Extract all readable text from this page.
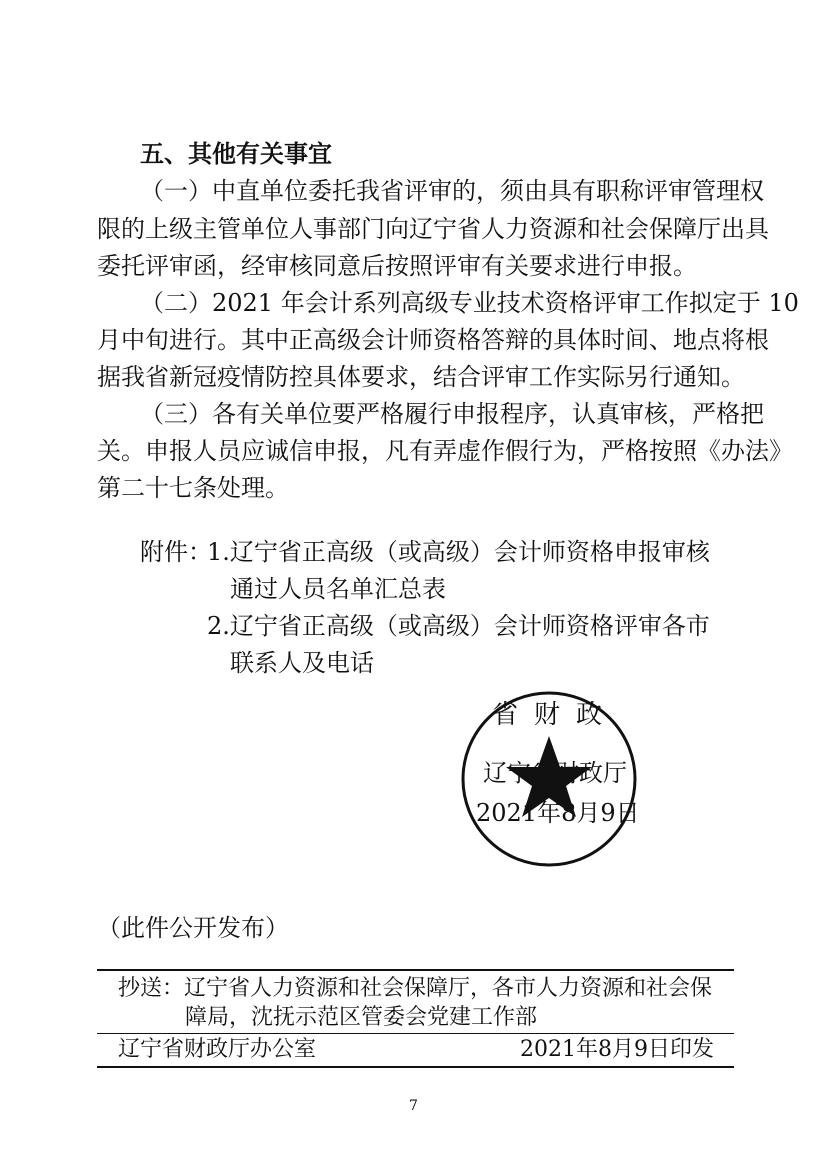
五、其他有关事宜
（一）中直单位委托我省评审的，须由具有职称评审管理权
限的上级主管单位人事部门向辽宁省人力资源和社会保障厅出具
委托评审函，经审核同意后按照评审有关要求进行申报。
（二）2021 年会计系列高级专业技术资格评审工作拟定于 10
月中旬进行。其中正高级会计师资格答辩的具体时间、地点将根
据我省新冠疫情防控具体要求，结合评审工作实际另行通知。
（三）各有关单位要严格履行申报程序，认真审核，严格把
关。申报人员应诚信申报，凡有弄虚作假行为，严格按照《办法》
第二十七条处理。
附件：
1.辽宁省正高级（或高级）会计师资格申报审核
通过人员名单汇总表
2.辽宁省正高级（或高级）会计师资格评审各市
联系人及电话
省财政
辽宁省财政厅
2021年8月9日
（此件公开发布）
抄送：辽宁省人力资源和社会保障厅，各市人力资源和社会保
障局，沈抚示范区管委会党建工作部
辽宁省财政厅办公室	2021年8月9日印发
7
